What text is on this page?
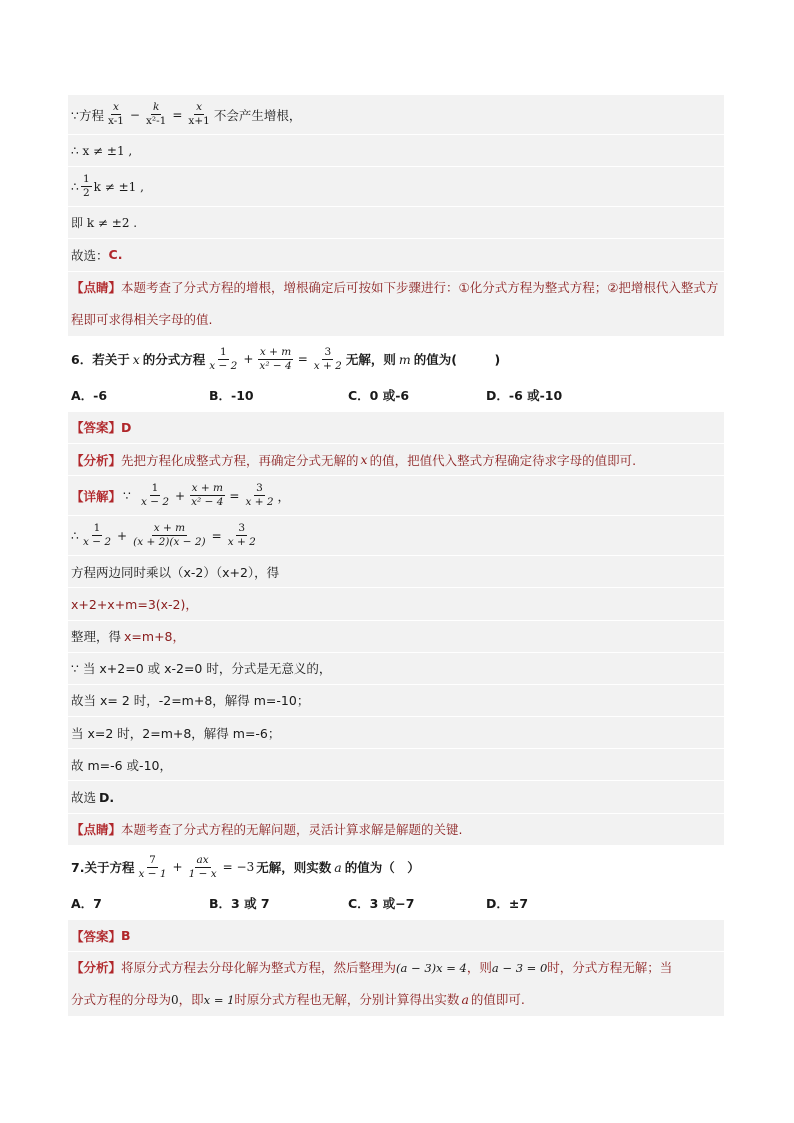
∵方程 $\frac{x}{x-1} - \frac{k}{\text{x²-1}} = \frac{x}{x+1}$ 不会产生增根，
∴ x ≠ ±1 ,
∴ $\frac{1}{2}$ k ≠ ±1 ,
即 k ≠ ±2 .
故选： C.
【点睛】本题考查了分式方程的增根，增根确定后可按如下步骤进行：①化分式方程为整式方程；②把增根代入整式方程即可求得相关字母的值.
6．若关于 x 的分式方程 $\frac{1}{x - 2} + \frac{x + m}{\text{x² − 4}} = \frac{3}{x + 2}$ 无解，则 m 的值为(　　　)
A．-6	B．-10	C．0 或-6	D．-6 或-10
【答案】 D
【分析】 先把方程化成整式方程，再确定分式无解的 x 的值，把值代入整式方程确定待求字母的值即可.
【详解】 ∵ $\frac{1}{x - 2} + \frac{x + m}{\text{x² − 4}} = \frac{3}{x + 2}$ ，
∴ $\frac{1}{x - 2} + \frac{x + m}{(x + 2)(x - 2)} = \frac{3}{x + 2}$
方程两边同时乘以（x-2）（x+2），得
x+2+x+m=3(x-2)，
整理，得 x=m+8，
∵ 当 x+2=0 或 x-2=0 时，分式是无意义的，
故当 x= 2 时，-2=m+8，解得 m=-10；
当 x=2 时，2=m+8，解得 m=-6；
故 m=-6 或-10，
故选 D.
【点睛】 本题考查了分式方程的无解问题，灵活计算求解是解题的关键.
7.关于方程 $\frac{7}{x - 1} + \frac{ax}{1 - x} = -3$ 无解，则实数 a 的值为（　）
A．7	B．3 或 7	C．3 或−7	D．±7
【答案】 B
【分析】将原分式方程去分母化解为整式方程，然后整理为(a − 3)x = 4，则a − 3 = 0时，分式方程无解；当
分式方程的分母为0，即x = 1时原分式方程也无解，分别计算得出实数 a 的值即可.
